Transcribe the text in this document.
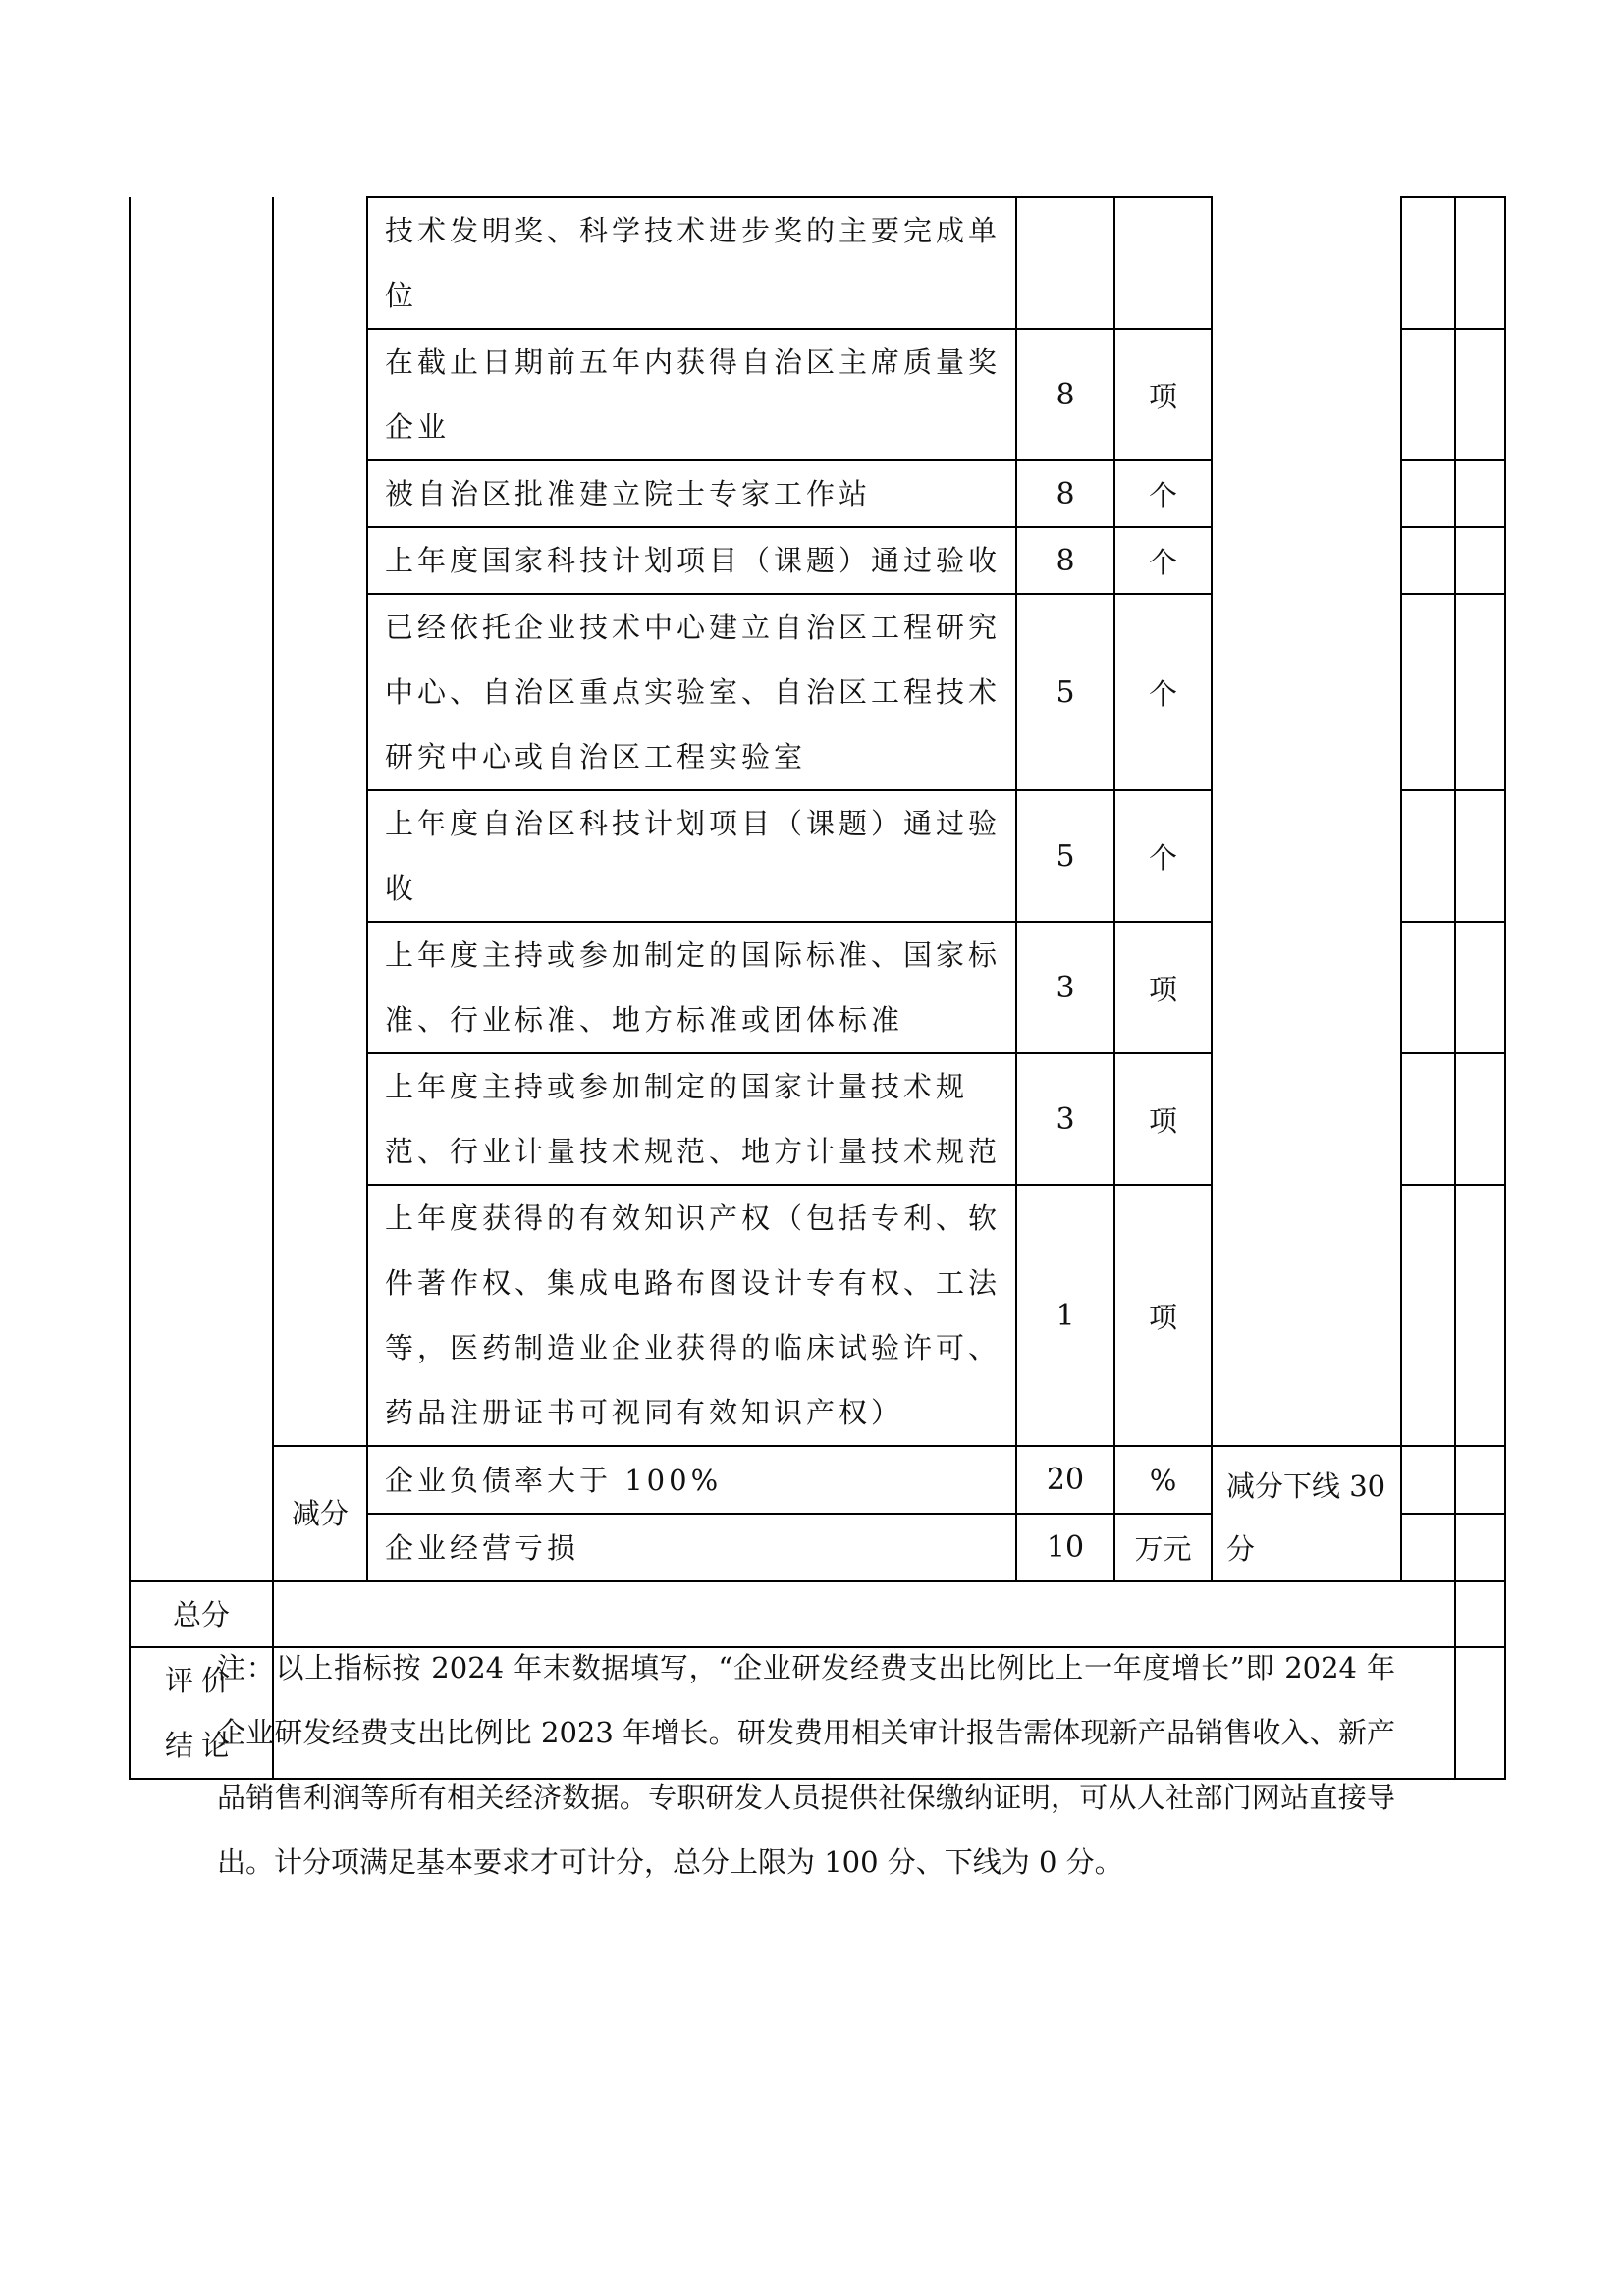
		技术发明奖、科学技术进步奖的主要完成单位					
		在截止日期前五年内获得自治区主席质量奖企业	8	项			
		被自治区批准建立院士专家工作站	8	个			
		上年度国家科技计划项目（课题）通过验收	8	个			
		已经依托企业技术中心建立自治区工程研究中心、自治区重点实验室、自治区工程技术研究中心或自治区工程实验室	5	个			
		上年度自治区科技计划项目（课题）通过验收	5	个			
		上年度主持或参加制定的国际标准、国家标准、行业标准、地方标准或团体标准	3	项			
		上年度主持或参加制定的国家计量技术规范、行业计量技术规范、地方计量技术规范	3	项			
		上年度获得的有效知识产权（包括专利、软件著作权、集成电路布图设计专有权、工法等，医药制造业企业获得的临床试验许可、药品注册证书可视同有效知识产权）	1	项			
	减分	企业负债率大于 100%	20	%	减分下线 30 分		
		企业经营亏损	10	万元			
总分							

评价结论							

注：以上指标按 2024 年末数据填写，“企业研发经费支出比例比上一年度增长”即 2024 年企业研发经费支出比例比 2023 年增长。研发费用相关审计报告需体现新产品销售收入、新产品销售利润等所有相关经济数据。专职研发人员提供社保缴纳证明，可从人社部门网站直接导出。计分项满足基本要求才可计分，总分上限为 100 分、下线为 0 分。
